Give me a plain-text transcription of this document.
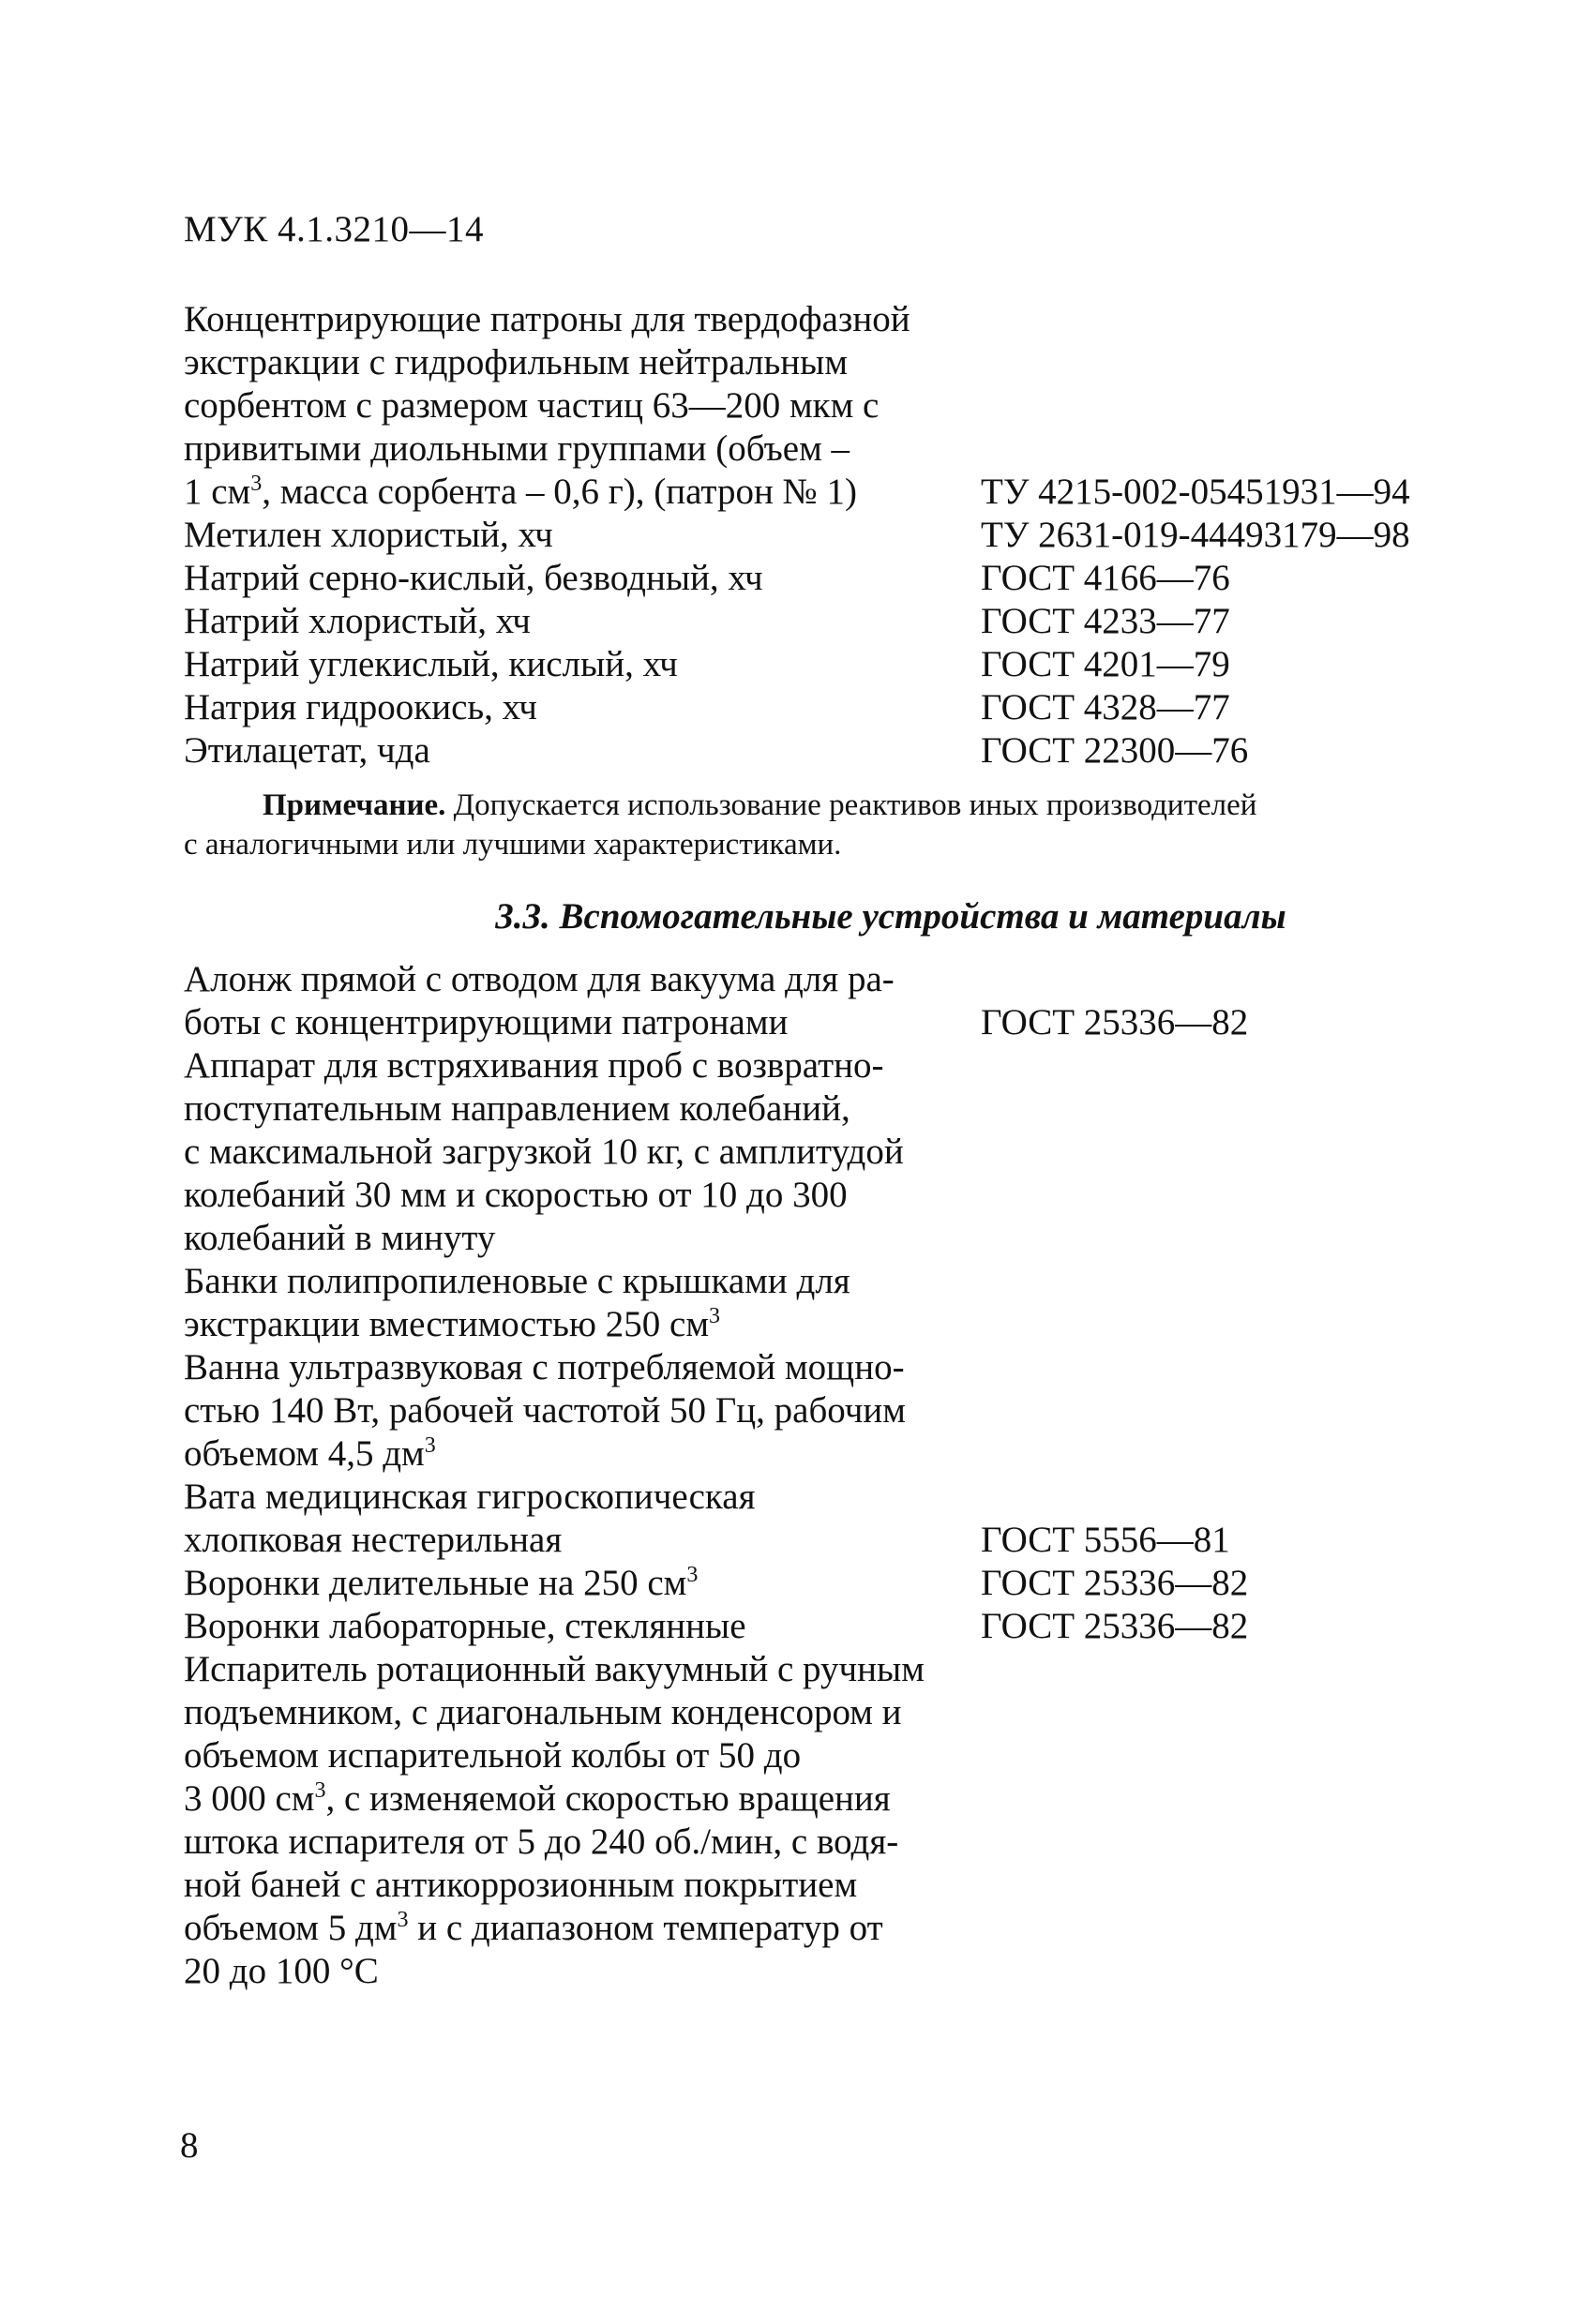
МУК 4.1.3210—14
Концентрирующие патроны для твердофазной
экстракции с гидрофильным нейтральным
сорбентом с размером частиц 63—200 мкм с
привитыми диольными группами (объем –
1 $см^3$, масса сорбента – 0,6 г), (патрон № 1)	ТУ 4215-002-05451931—94
Метилен хлористый, хч	ТУ 2631-019-44493179—98
Натрий серно-кислый, безводный, хч	ГОСТ 4166—76
Натрий хлористый, хч	ГОСТ 4233—77
Натрий углекислый, кислый, хч	ГОСТ 4201—79
Натрия гидроокись, хч	ГОСТ 4328—77
Этилацетат, чда	ГОСТ 22300—76
Примечание. Допускается использование реактивов иных производителей
с аналогичными или лучшими характеристиками.
3.3. Вспомогательные устройства и материалы
Алонж прямой с отводом для вакуума для ра-
боты с концентрирующими патронами	ГОСТ 25336—82
Аппарат для встряхивания проб с возвратно-
поступательным направлением колебаний,
с максимальной загрузкой 10 кг, с амплитудой
колебаний 30 мм и скоростью от 10 до 300
колебаний в минуту
Банки полипропиленовые с крышками для
экстракции вместимостью 250 $см^3$
Ванна ультразвуковая с потребляемой мощно-
стью 140 Вт, рабочей частотой 50 Гц, рабочим
объемом 4,5 $дм^3$
Вата медицинская гигроскопическая
хлопковая нестерильная	ГОСТ 5556—81
Воронки делительные на 250 $см^3$	ГОСТ 25336—82
Воронки лабораторные, стеклянные	ГОСТ 25336—82
Испаритель ротационный вакуумный с ручным
подъемником, с диагональным конденсором и
объемом испарительной колбы от 50 до
3 000 $см^3$, с изменяемой скоростью вращения
штока испарителя от 5 до 240 об./мин, с водя-
ной баней с антикоррозионным покрытием
объемом 5 $дм^3$ и с диапазоном температур от
20 до 100 °C
8
